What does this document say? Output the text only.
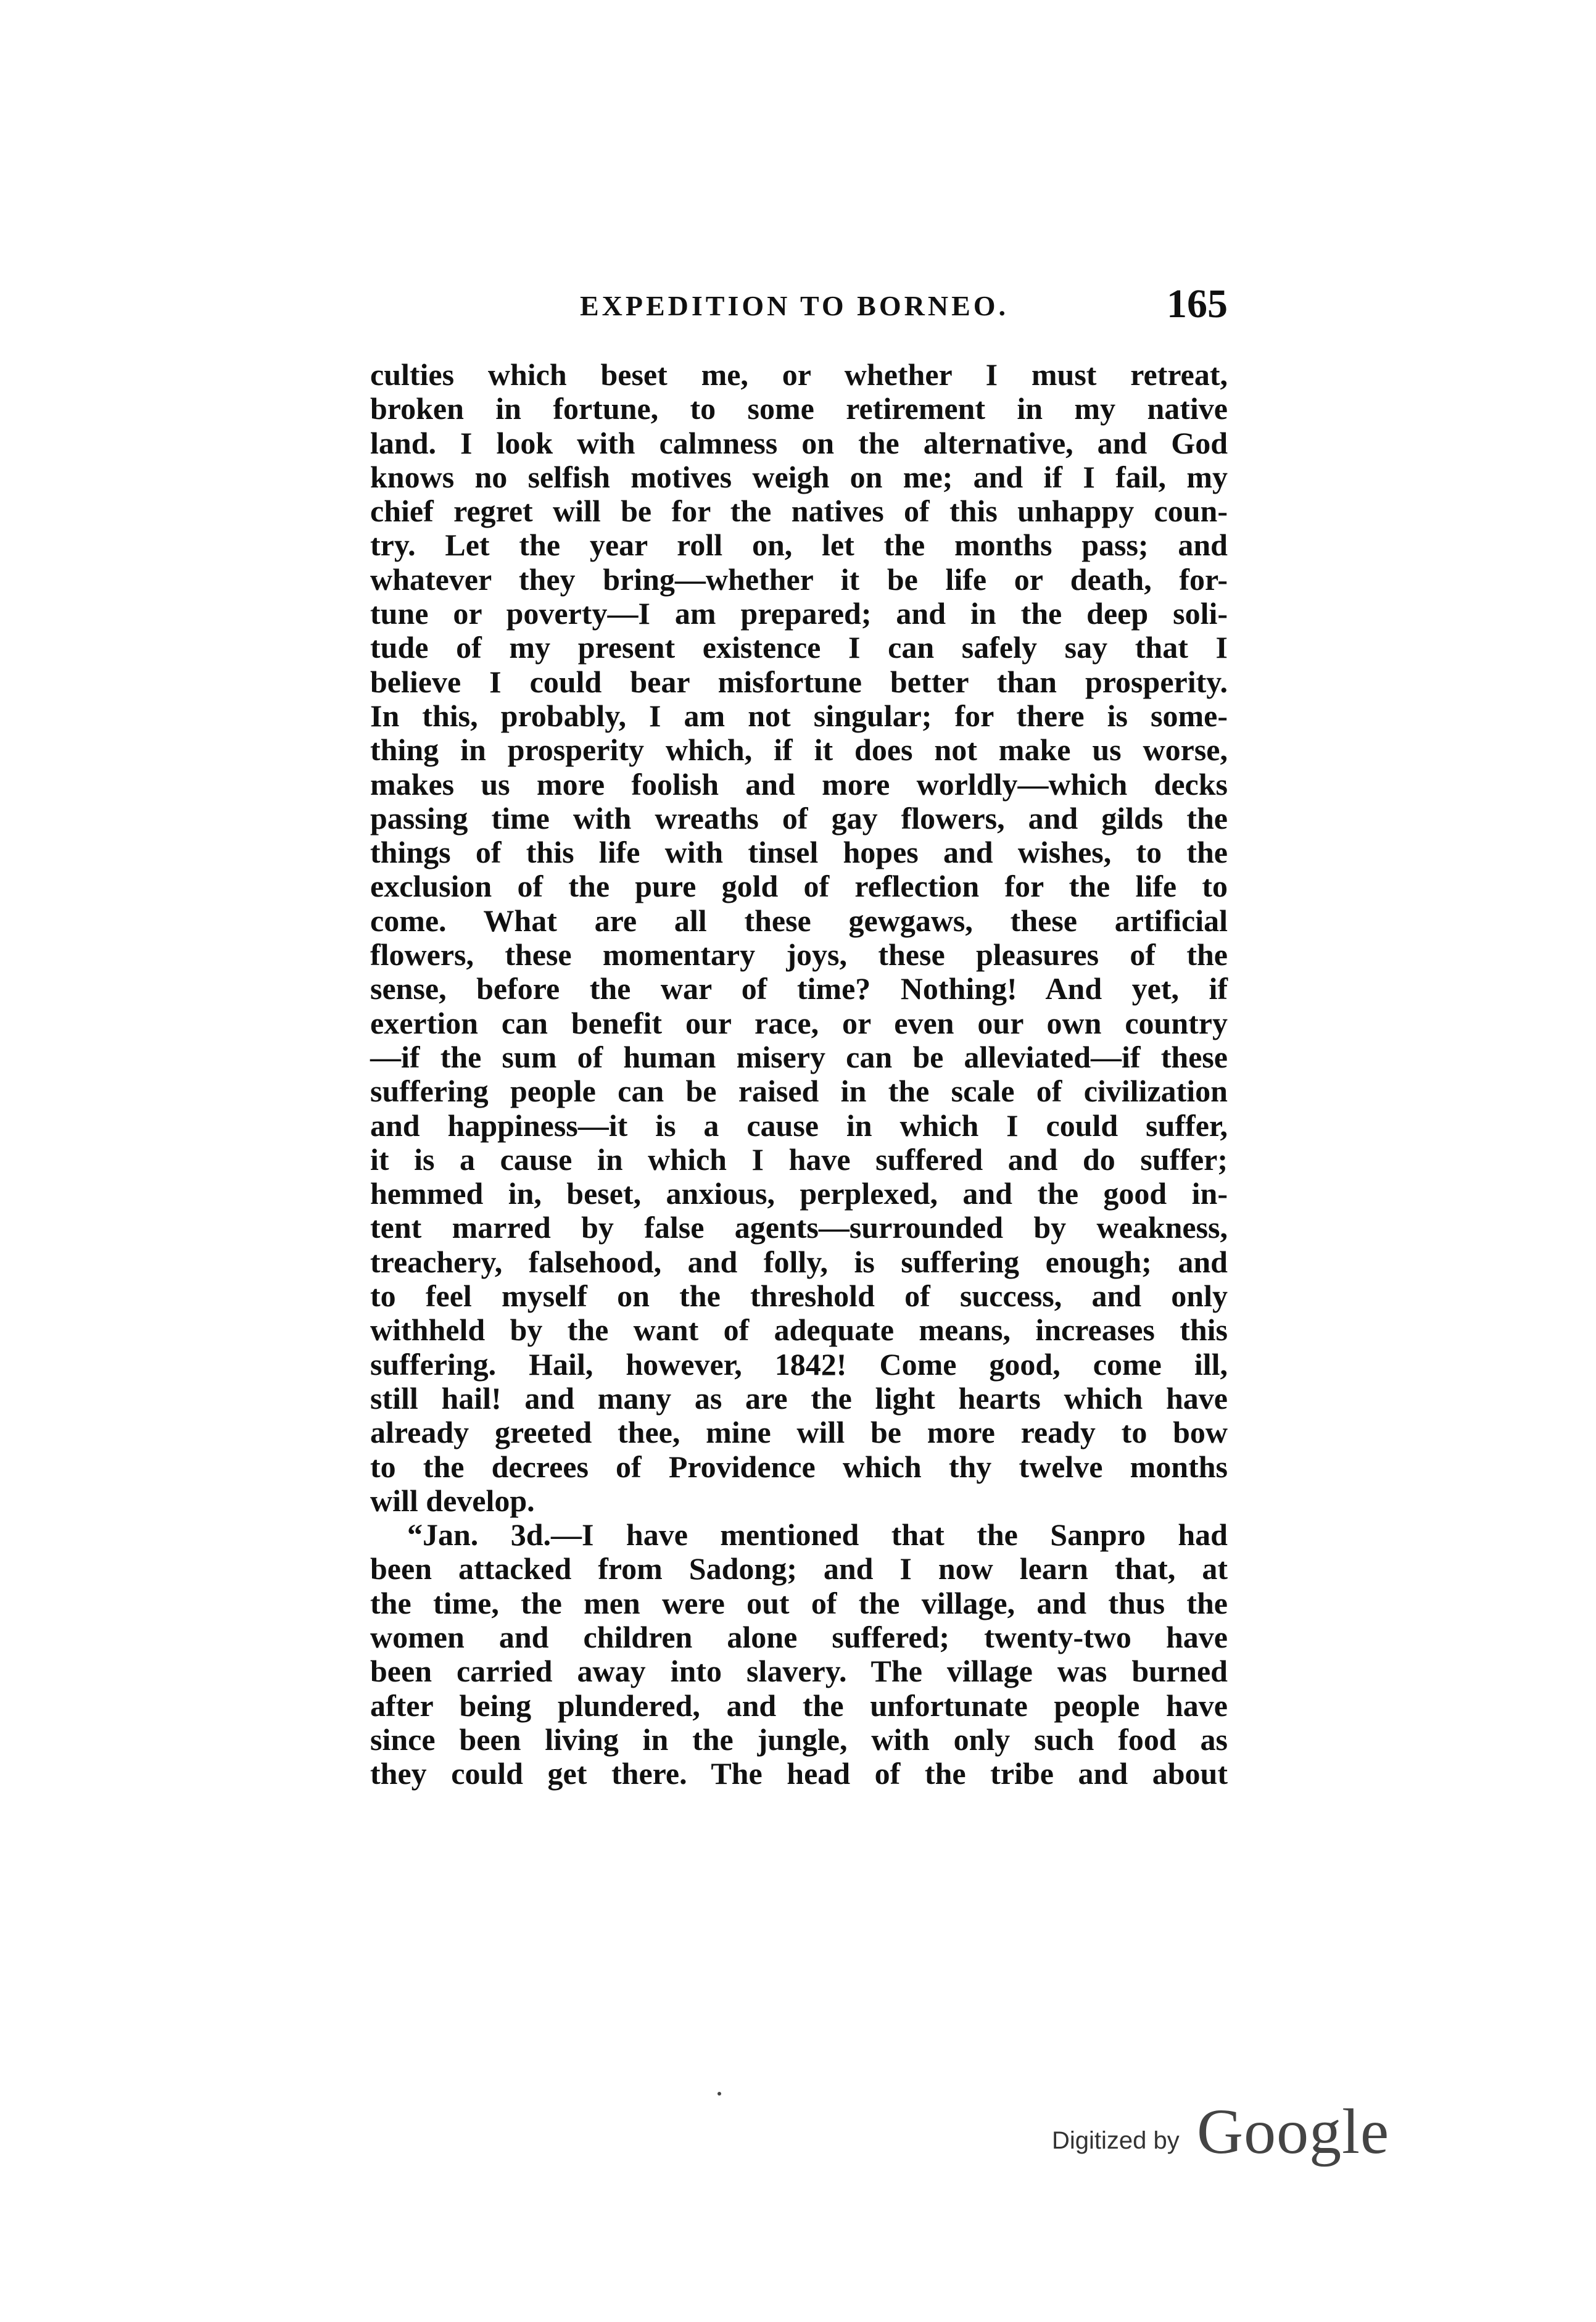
EXPEDITION TO BORNEO.	165
culties which beset me, or whether I must retreat,
broken in fortune, to some retirement in my native
land. I look with calmness on the alternative, and God
knows no selfish motives weigh on me; and if I fail, my
chief regret will be for the natives of this unhappy coun-
try. Let the year roll on, let the months pass; and
whatever they bring—whether it be life or death, for-
tune or poverty—I am prepared; and in the deep soli-
tude of my present existence I can safely say that I
believe I could bear misfortune better than prosperity.
In this, probably, I am not singular; for there is some-
thing in prosperity which, if it does not make us worse,
makes us more foolish and more worldly—which decks
passing time with wreaths of gay flowers, and gilds the
things of this life with tinsel hopes and wishes, to the
exclusion of the pure gold of reflection for the life to
come. What are all these gewgaws, these artificial
flowers, these momentary joys, these pleasures of the
sense, before the war of time? Nothing! And yet, if
exertion can benefit our race, or even our own country
—if the sum of human misery can be alleviated—if these
suffering people can be raised in the scale of civilization
and happiness—it is a cause in which I could suffer,
it is a cause in which I have suffered and do suffer;
hemmed in, beset, anxious, perplexed, and the good in-
tent marred by false agents—surrounded by weakness,
treachery, falsehood, and folly, is suffering enough; and
to feel myself on the threshold of success, and only
withheld by the want of adequate means, increases this
suffering. Hail, however, 1842! Come good, come ill,
still hail! and many as are the light hearts which have
already greeted thee, mine will be more ready to bow
to the decrees of Providence which thy twelve months
will develop.
“Jan. 3d.—I have mentioned that the Sanpro had
been attacked from Sadong; and I now learn that, at
the time, the men were out of the village, and thus the
women and children alone suffered; twenty-two have
been carried away into slavery. The village was burned
after being plundered, and the unfortunate people have
since been living in the jungle, with only such food as
they could get there. The head of the tribe and about
Digitized by Google
